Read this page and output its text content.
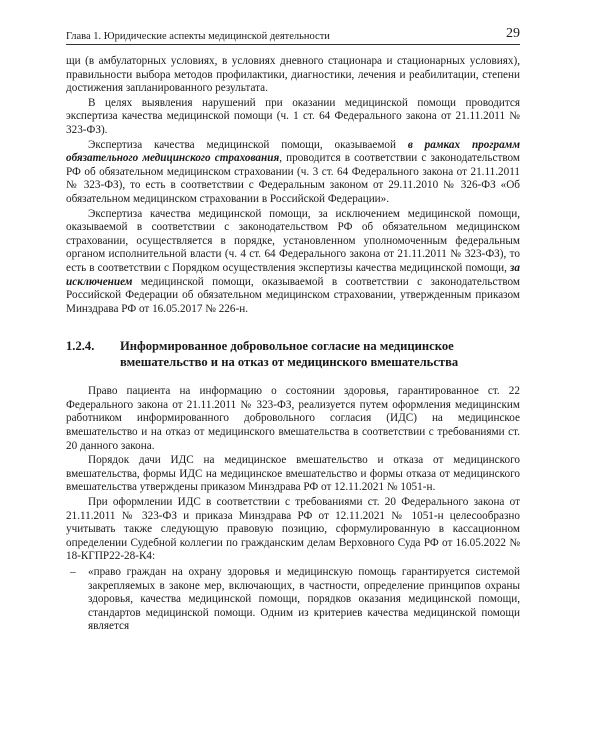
Глава 1. Юридические аспекты медицинской деятельности	29

щи (в амбулаторных условиях, в условиях дневного стационара и стационарных условиях), правильности выбора методов профилактики, диагностики, лечения и реабилитации, степени достижения запланированного результата.

В целях выявления нарушений при оказании медицинской помощи проводится экспертиза качества медицинской помощи (ч. 1 ст. 64 Федерального закона от 21.11.2011 № 323-ФЗ).

Экспертиза качества медицинской помощи, оказываемой в рамках программ обязательного медицинского страхования, проводится в соответствии с законодательством РФ об обязательном медицинском страховании (ч. 3 ст. 64 Федерального закона от 21.11.2011 № 323-ФЗ), то есть в соответствии с Федеральным законом от 29.11.2010 № 326-ФЗ «Об обязательном медицинском страховании в Российской Федерации».

Экспертиза качества медицинской помощи, за исключением медицинской помощи, оказываемой в соответствии с законодательством РФ об обязательном медицинском страховании, осуществляется в порядке, установленном уполномоченным федеральным органом исполнительной власти (ч. 4 ст. 64 Федерального закона от 21.11.2011 № 323-ФЗ), то есть в соответствии с Порядком осуществления экспертизы качества медицинской помощи, за исключением медицинской помощи, оказываемой в соответствии с законодательством Российской Федерации об обязательном медицинском страховании, утвержденным приказом Минздрава РФ от 16.05.2017 № 226-н.

1.2.4.	Информированное добровольное согласие на медицинское вмешательство и на отказ от медицинского вмешательства

Право пациента на информацию о состоянии здоровья, гарантированное ст. 22 Федерального закона от 21.11.2011 № 323-ФЗ, реализуется путем оформления медицинским работником информированного добровольного согласия (ИДС) на медицинское вмешательство и на отказ от медицинского вмешательства в соответствии с требованиями ст. 20 данного закона.

Порядок дачи ИДС на медицинское вмешательство и отказа от медицинского вмешательства, формы ИДС на медицинское вмешательство и формы отказа от медицинского вмешательства утверждены приказом Минздрава РФ от 12.11.2021 № 1051-н.

При оформлении ИДС в соответствии с требованиями ст. 20 Федерального закона от 21.11.2011 № 323-ФЗ и приказа Минздрава РФ от 12.11.2021 № 1051-н целесообразно учитывать также следующую правовую позицию, сформулированную в кассационном определении Судебной коллегии по гражданским делам Верховного Суда РФ от 16.05.2022 № 18-КГПР22-28-К4:

–	«право граждан на охрану здоровья и медицинскую помощь гарантируется системой закрепляемых в законе мер, включающих, в частности, определение принципов охраны здоровья, качества медицинской помощи, порядков оказания медицинской помощи, стандартов медицинской помощи. Одним из критериев качества медицинской помощи является
